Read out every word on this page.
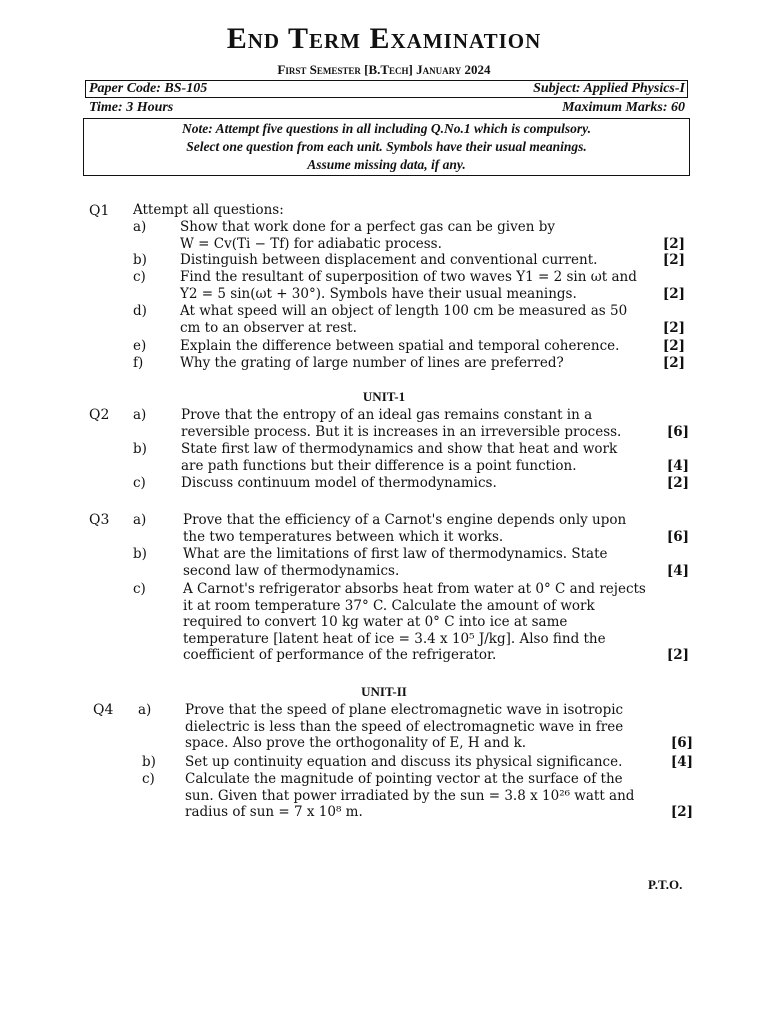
End Term Examination
First Semester [B.Tech] January 2024
Paper Code: BS-105	Subject: Applied Physics-I
Time: 3 Hours	Maximum Marks: 60
Note: Attempt five questions in all including Q.No.1 which is compulsory.
Select one question from each unit. Symbols have their usual meanings.
Assume missing data, if any.
Q1 Attempt all questions:
a) Show that work done for a perfect gas can be given by
W = Cv(Ti − Tf) for adiabatic process.	[2]
b) Distinguish between displacement and conventional current.	[2]
c)	Find the resultant of superposition of two waves Y1 = 2 sin ωt and
Y2 = 5 sin(ωt + 30°). Symbols have their usual meanings.	[2]
d) At what speed will an object of length 100 cm be measured as 50
cm to an observer at rest.	[2]
e) Explain the difference between spatial and temporal coherence.	[2]
f)	Why the grating of large number of lines are preferred?	[2]
UNIT-1
Q2 a)	Prove that the entropy of an ideal gas remains constant in a
reversible process. But it is increases in an irreversible process.	[6]
b)	State first law of thermodynamics and show that heat and work
are path functions but their difference is a point function.	[4]
c)	Discuss continuum model of thermodynamics.	[2]
Q3 a)	Prove that the efficiency of a Carnot's engine depends only upon
the two temperatures between which it works.	[6]
b)	What are the limitations of first law of thermodynamics. State
second law of thermodynamics.	[4]
c)	A Carnot's refrigerator absorbs heat from water at 0° C and rejects
it at room temperature 37° C. Calculate the amount of work
required to convert 10 kg water at 0° C into ice at same
temperature [latent heat of ice = 3.4 x 10⁵ J/kg]. Also find the
coefficient of performance of the refrigerator.	[2]
UNIT-II
Q4 a) Prove that the speed of plane electromagnetic wave in isotropic
dielectric is less than the speed of electromagnetic wave in free
space. Also prove the orthogonality of E, H and k.	[6]
b) Set up continuity equation and discuss its physical significance.	[4]
c) Calculate the magnitude of pointing vector at the surface of the
sun. Given that power irradiated by the sun = 3.8 x 10²⁶ watt and
radius of sun = 7 x 10⁸ m.	[2]
P.T.O.
